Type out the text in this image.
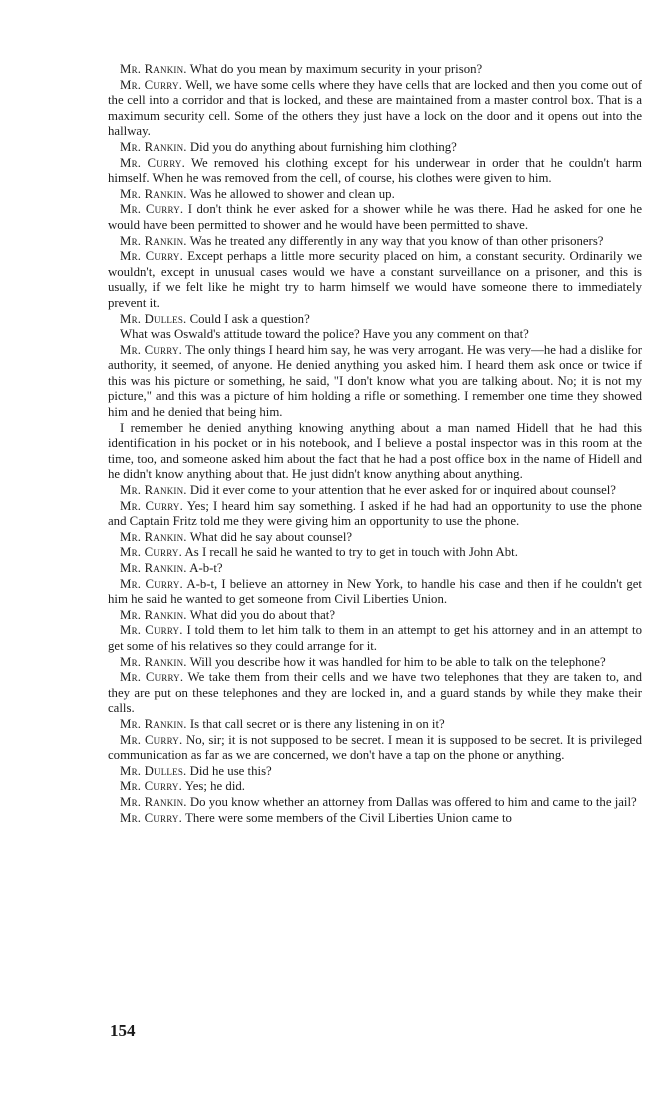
Mr. Rankin. What do you mean by maximum security in your prison?

Mr. Curry. Well, we have some cells where they have cells that are locked and then you come out of the cell into a corridor and that is locked, and these are maintained from a master control box. That is a maximum security cell. Some of the others they just have a lock on the door and it opens out into the hallway.

Mr. Rankin. Did you do anything about furnishing him clothing?

Mr. Curry. We removed his clothing except for his underwear in order that he couldn't harm himself. When he was removed from the cell, of course, his clothes were given to him.

Mr. Rankin. Was he allowed to shower and clean up.

Mr. Curry. I don't think he ever asked for a shower while he was there. Had he asked for one he would have been permitted to shower and he would have been permitted to shave.

Mr. Rankin. Was he treated any differently in any way that you know of than other prisoners?

Mr. Curry. Except perhaps a little more security placed on him, a constant security. Ordinarily we wouldn't, except in unusual cases would we have a constant surveillance on a prisoner, and this is usually, if we felt like he might try to harm himself we would have someone there to immediately prevent it.

Mr. Dulles. Could I ask a question?

What was Oswald's attitude toward the police? Have you any comment on that?

Mr. Curry. The only things I heard him say, he was very arrogant. He was very—he had a dislike for authority, it seemed, of anyone. He denied anything you asked him. I heard them ask once or twice if this was his picture or something, he said, "I don't know what you are talking about. No; it is not my picture," and this was a picture of him holding a rifle or something. I remember one time they showed him and he denied that being him.

I remember he denied anything knowing anything about a man named Hidell that he had this identification in his pocket or in his notebook, and I believe a postal inspector was in this room at the time, too, and someone asked him about the fact that he had a post office box in the name of Hidell and he didn't know anything about that. He just didn't know anything about anything.

Mr. Rankin. Did it ever come to your attention that he ever asked for or inquired about counsel?

Mr. Curry. Yes; I heard him say something. I asked if he had had an opportunity to use the phone and Captain Fritz told me they were giving him an opportunity to use the phone.

Mr. Rankin. What did he say about counsel?

Mr. Curry. As I recall he said he wanted to try to get in touch with John Abt.

Mr. Rankin. A-b-t?

Mr. Curry. A-b-t, I believe an attorney in New York, to handle his case and then if he couldn't get him he said he wanted to get someone from Civil Liberties Union.

Mr. Rankin. What did you do about that?

Mr. Curry. I told them to let him talk to them in an attempt to get his attorney and in an attempt to get some of his relatives so they could arrange for it.

Mr. Rankin. Will you describe how it was handled for him to be able to talk on the telephone?

Mr. Curry. We take them from their cells and we have two telephones that they are taken to, and they are put on these telephones and they are locked in, and a guard stands by while they make their calls.

Mr. Rankin. Is that call secret or is there any listening in on it?

Mr. Curry. No, sir; it is not supposed to be secret. I mean it is supposed to be secret. It is privileged communication as far as we are concerned, we don't have a tap on the phone or anything.

Mr. Dulles. Did he use this?

Mr. Curry. Yes; he did.

Mr. Rankin. Do you know whether an attorney from Dallas was offered to him and came to the jail?

Mr. Curry. There were some members of the Civil Liberties Union came to

154
